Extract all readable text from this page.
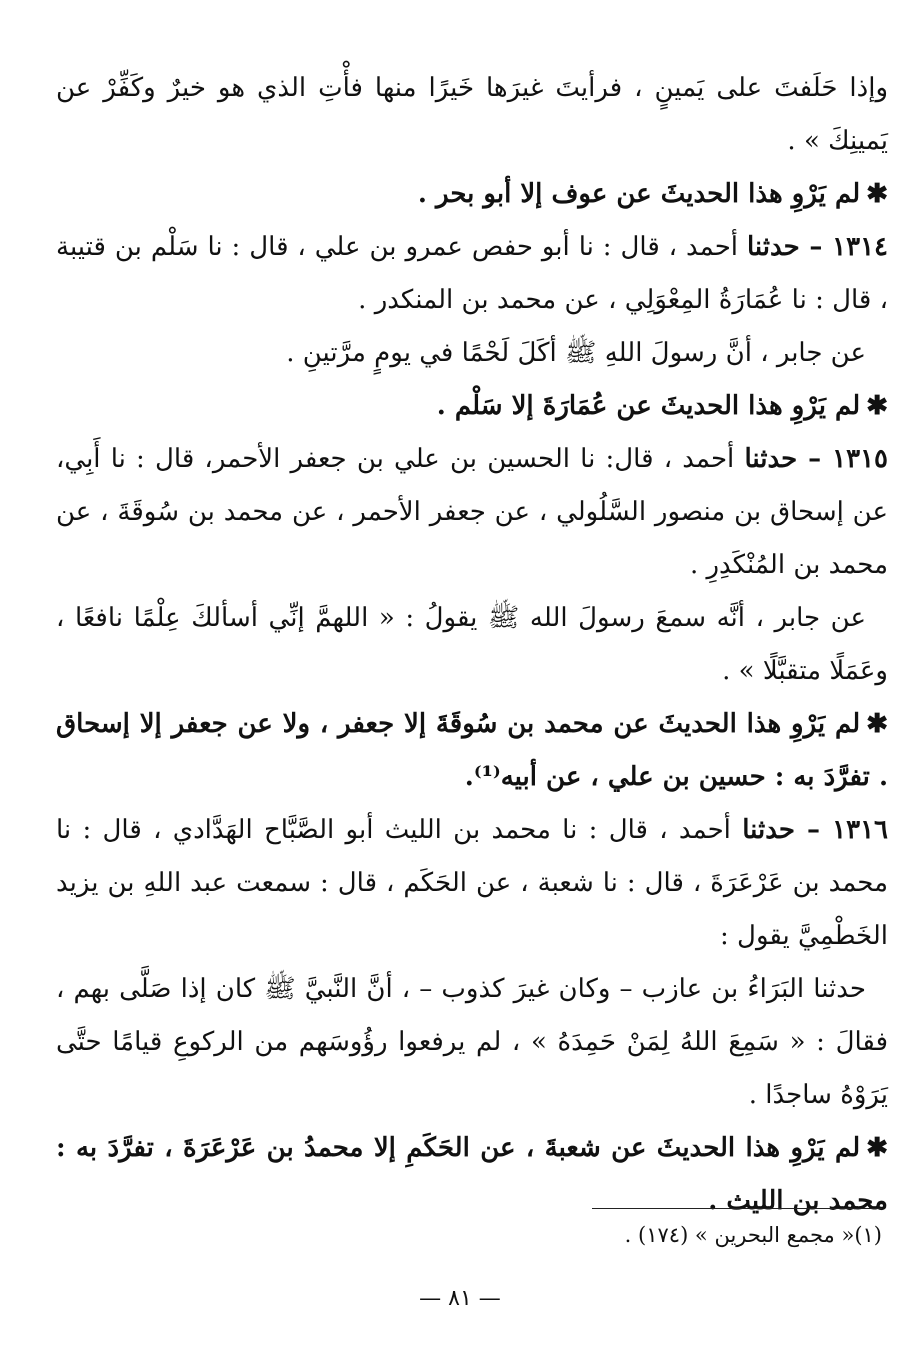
وإذا حَلَفتَ على يَمينٍ ، فرأيتَ غيرَها خَيرًا منها فأْتِ الذي هو خيرٌ وكَفِّرْ عن يَمينِكَ » .

✱لم يَرْوِ هذا الحديثَ عن عوف إلا أبو بحر .

١٣١٤ – حدثنا أحمد ، قال : نا أبو حفص عمرو بن علي ، قال : نا سَلْم بن قتيبة ، قال : نا عُمَارَةُ المِعْوَلِي ، عن محمد بن المنكدر .

عن جابر ، أنَّ رسولَ اللهِ ﷺ أكَلَ لَحْمًا في يومٍ مرَّتينِ .

✱لم يَرْوِ هذا الحديثَ عن عُمَارَةَ إلا سَلْم .

١٣١٥ – حدثنا أحمد ، قال: نا الحسين بن علي بن جعفر الأحمر، قال : نا أَبِي، عن إسحاق بن منصور السَّلُولي ، عن جعفر الأحمر ، عن محمد بن سُوقَةَ ، عن محمد بن المُنْكَدِرِ .

عن جابر ، أنَّه سمعَ رسولَ الله ﷺ يقولُ : « اللهمَّ إنِّي أسألكَ عِلْمًا نافعًا ، وعَمَلًا متقبَّلًا » .

✱لم يَرْوِ هذا الحديثَ عن محمد بن سُوقَةَ إلا جعفر ، ولا عن جعفر إلا إسحاق . تفرَّدَ به : حسين بن علي ، عن أبيه⁽¹⁾.

١٣١٦ – حدثنا أحمد ، قال : نا محمد بن الليث أبو الصَّبَّاح الهَدَّادي ، قال : نا محمد بن عَرْعَرَةَ ، قال : نا شعبة ، عن الحَكَم ، قال : سمعت عبد اللهِ بن يزيد الخَطْمِيَّ يقول :

حدثنا البَرَاءُ بن عازب – وكان غيرَ كذوب – ، أنَّ النَّبيَّ ﷺ كان إذا صَلَّى بهم ، فقالَ : « سَمِعَ اللهُ لِمَنْ حَمِدَهُ » ، لم يرفعوا رؤُوسَهم من الركوعِ قيامًا حتَّى يَرَوْهُ ساجدًا .

✱لم يَرْوِ هذا الحديثَ عن شعبةَ ، عن الحَكَمِ إلا محمدُ بن عَرْعَرَةَ ، تفرَّدَ به : محمد بن الليث .

(١)« مجمع البحرين » (١٧٤) .
— ٨١ —
